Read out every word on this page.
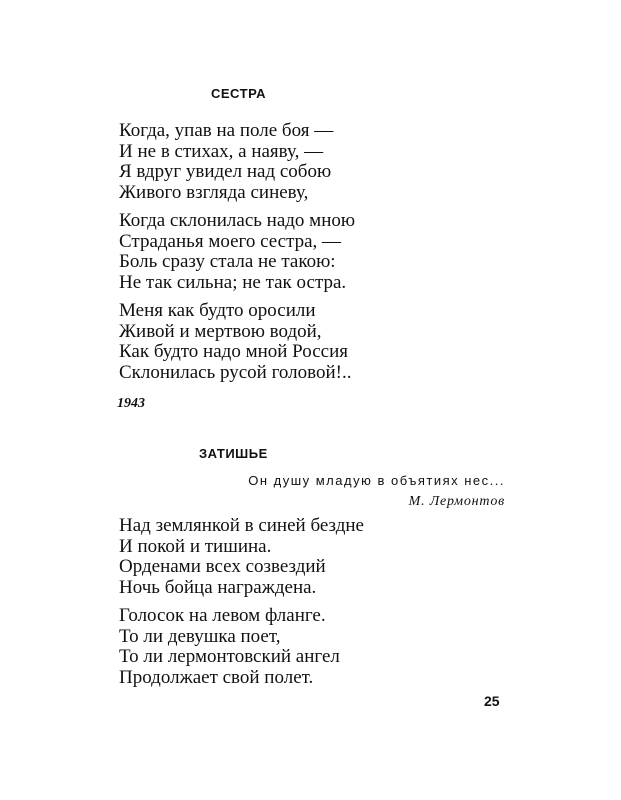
СЕСТРА
Когда, упав на поле боя —
И не в стихах, а наяву, —
Я вдруг увидел над собою
Живого взгляда синеву,
Когда склонилась надо мною
Страданья моего сестра, —
Боль сразу стала не такою:
Не так сильна; не так остра.
Меня как будто оросили
Живой и мертвою водой,
Как будто надо мной Россия
Склонилась русой головой!..
1943
ЗАТИШЬЕ
Он душу младую в объятиях нес...
М. Лермонтов
Над землянкой в синей бездне
И покой и тишина.
Орденами всех созвездий
Ночь бойца награждена.
Голосок на левом фланге.
То ли девушка поет,
То ли лермонтовский ангел
Продолжает свой полет.
25
